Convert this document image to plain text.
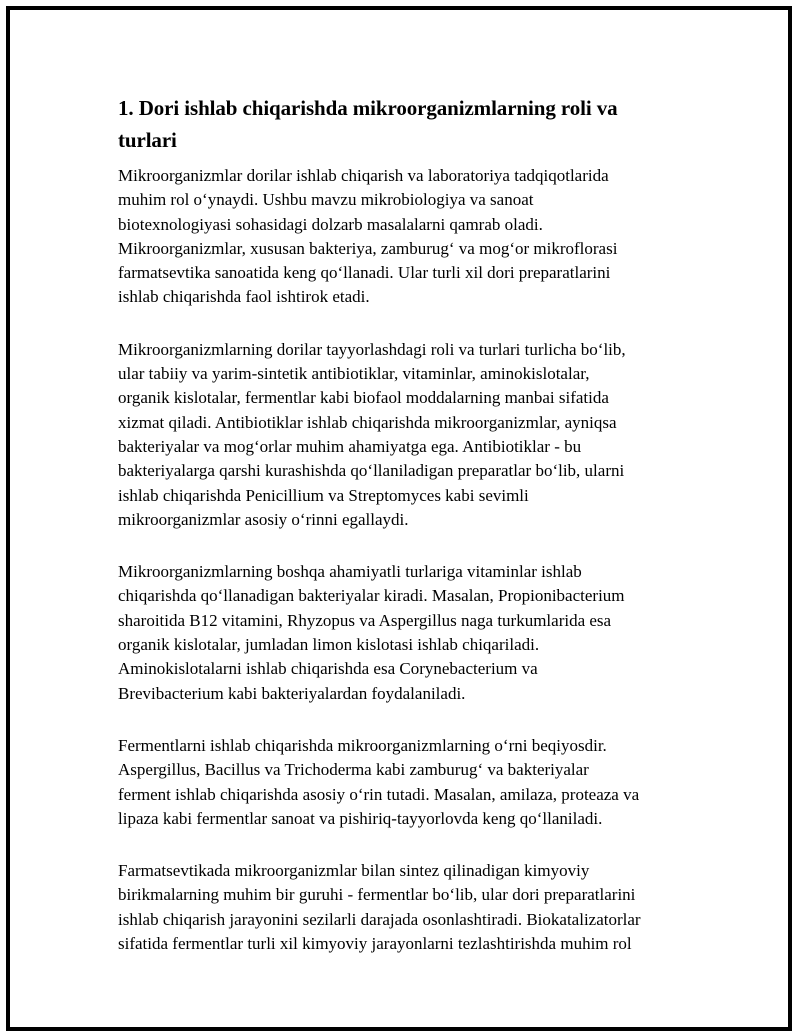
1. Dori ishlab chiqarishda mikroorganizmlarning roli va
turlari

Mikroorganizmlar dorilar ishlab chiqarish va laboratoriya tadqiqotlarida
muhim rol oʻynaydi. Ushbu mavzu mikrobiologiya va sanoat
biotexnologiyasi sohasidagi dolzarb masalalarni qamrab oladi.
Mikroorganizmlar, xususan bakteriya, zamburugʻ va mogʻor mikroflorasi
farmatsevtika sanoatida keng qoʻllanadi. Ular turli xil dori preparatlarini
ishlab chiqarishda faol ishtirok etadi.

Mikroorganizmlarning dorilar tayyorlashdagi roli va turlari turlicha boʻlib,
ular tabiiy va yarim-sintetik antibiotiklar, vitaminlar, aminokislotalar,
organik kislotalar, fermentlar kabi biofaol moddalarning manbai sifatida
xizmat qiladi. Antibiotiklar ishlab chiqarishda mikroorganizmlar, ayniqsa
bakteriyalar va mogʻorlar muhim ahamiyatga ega. Antibiotiklar - bu
bakteriyalarga qarshi kurashishda qoʻllaniladigan preparatlar boʻlib, ularni
ishlab chiqarishda Penicillium va Streptomyces kabi sevimli
mikroorganizmlar asosiy oʻrinni egallaydi.

Mikroorganizmlarning boshqa ahamiyatli turlariga vitaminlar ishlab
chiqarishda qoʻllanadigan bakteriyalar kiradi. Masalan, Propionibacterium
sharoitida B12 vitamini, Rhyzopus va Aspergillus naga turkumlarida esa
organik kislotalar, jumladan limon kislotasi ishlab chiqariladi.
Aminokislotalarni ishlab chiqarishda esa Corynebacterium va
Brevibacterium kabi bakteriyalardan foydalaniladi.

Fermentlarni ishlab chiqarishda mikroorganizmlarning oʻrni beqiyosdir.
Aspergillus, Bacillus va Trichoderma kabi zamburugʻ va bakteriyalar
ferment ishlab chiqarishda asosiy oʻrin tutadi. Masalan, amilaza, proteaza va
lipaza kabi fermentlar sanoat va pishiriq-tayyorlovda keng qoʻllaniladi.

Farmatsevtikada mikroorganizmlar bilan sintez qilinadigan kimyoviy
birikmalarning muhim bir guruhi - fermentlar boʻlib, ular dori preparatlarini
ishlab chiqarish jarayonini sezilarli darajada osonlashtiradi. Biokatalizatorlar
sifatida fermentlar turli xil kimyoviy jarayonlarni tezlashtirishda muhim rol
